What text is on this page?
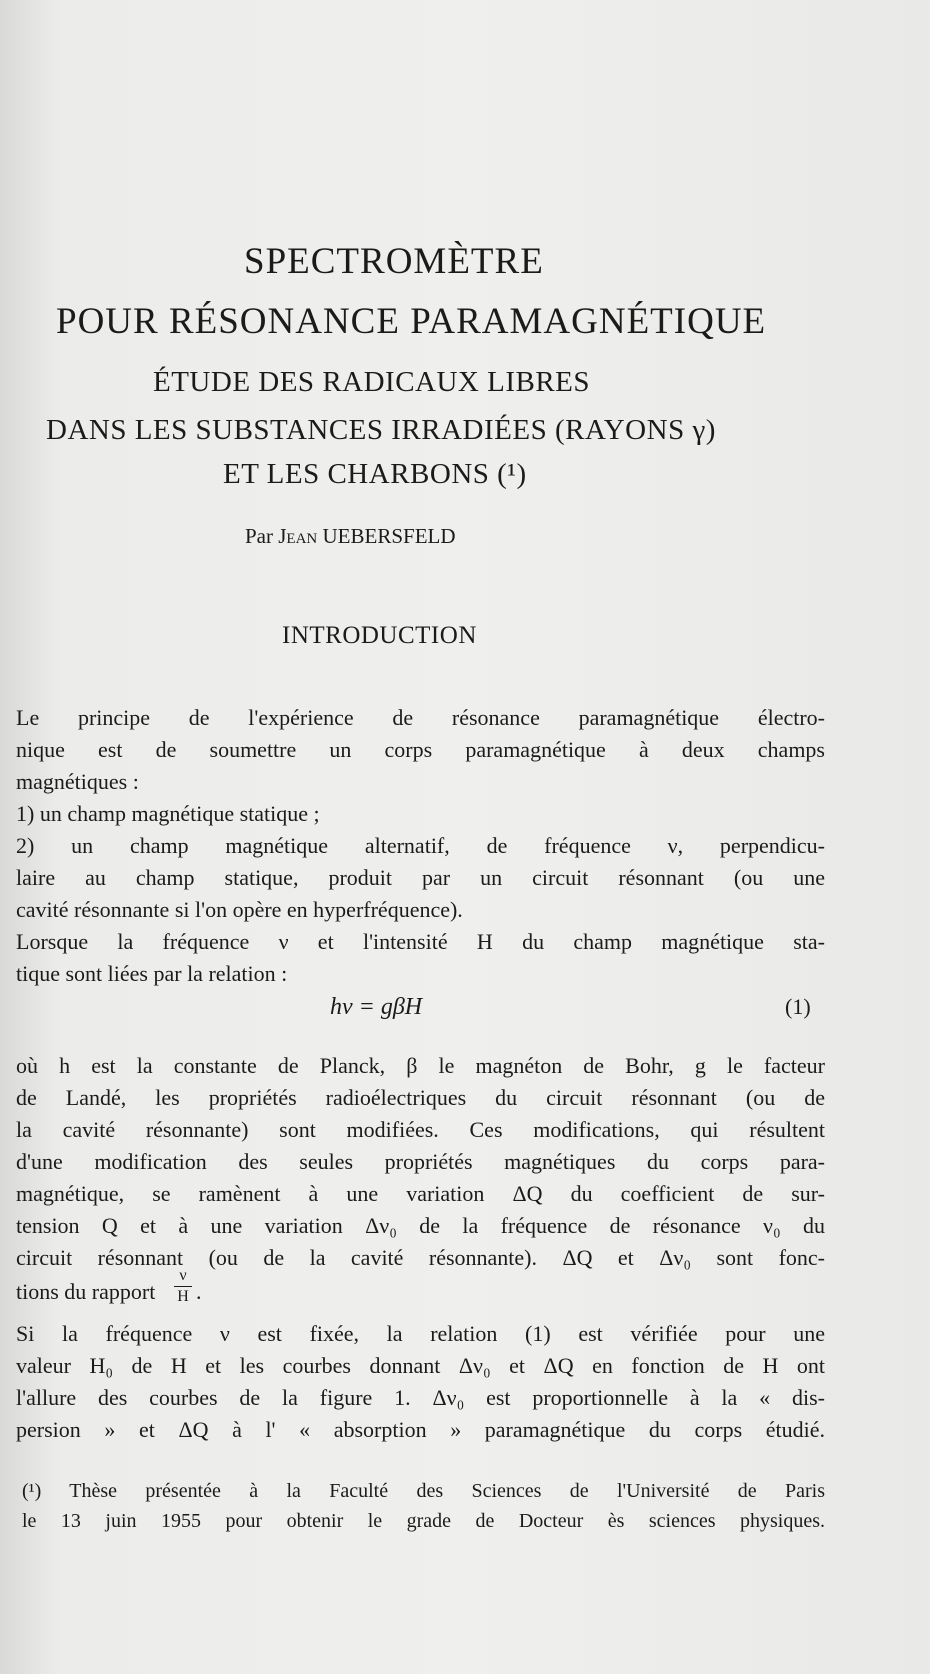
SPECTROMÈTRE
POUR RÉSONANCE PARAMAGNÉTIQUE
ÉTUDE DES RADICAUX LIBRES
DANS LES SUBSTANCES IRRADIÉES (RAYONS γ)
ET LES CHARBONS (¹)
Par Jean UEBERSFELD
INTRODUCTION
Le principe de l'expérience de résonance paramagnétique électro-
nique est de soumettre un corps paramagnétique à deux champs
magnétiques :
1) un champ magnétique statique ;
2) un champ magnétique alternatif, de fréquence ν, perpendicu-
laire au champ statique, produit par un circuit résonnant (ou une
cavité résonnante si l'on opère en hyperfréquence).
Lorsque la fréquence ν et l'intensité H du champ magnétique sta-
tique sont liées par la relation :
hν = gβH	(1)
où h est la constante de Planck, β le magnéton de Bohr, g le facteur
de Landé, les propriétés radioélectriques du circuit résonnant (ou de
la cavité résonnante) sont modifiées. Ces modifications, qui résultent
d'une modification des seules propriétés magnétiques du corps para-
magnétique, se ramènent à une variation ΔQ du coefficient de sur-
tension Q et à une variation Δν₀ de la fréquence de résonance ν₀ du
circuit résonnant (ou de la cavité résonnante). ΔQ et Δν₀ sont fonc-
tions du rapport
ν
H .
Si la fréquence ν est fixée, la relation (1) est vérifiée pour une
valeur H₀ de H et les courbes donnant Δν₀ et ΔQ en fonction de H ont
l'allure des courbes de la figure 1. Δν₀ est proportionnelle à la « dis-
persion » et ΔQ à l' « absorption » paramagnétique du corps étudié.
(¹) Thèse présentée à la Faculté des Sciences de l'Université de Paris
le 13 juin 1955 pour obtenir le grade de Docteur ès sciences physiques.
